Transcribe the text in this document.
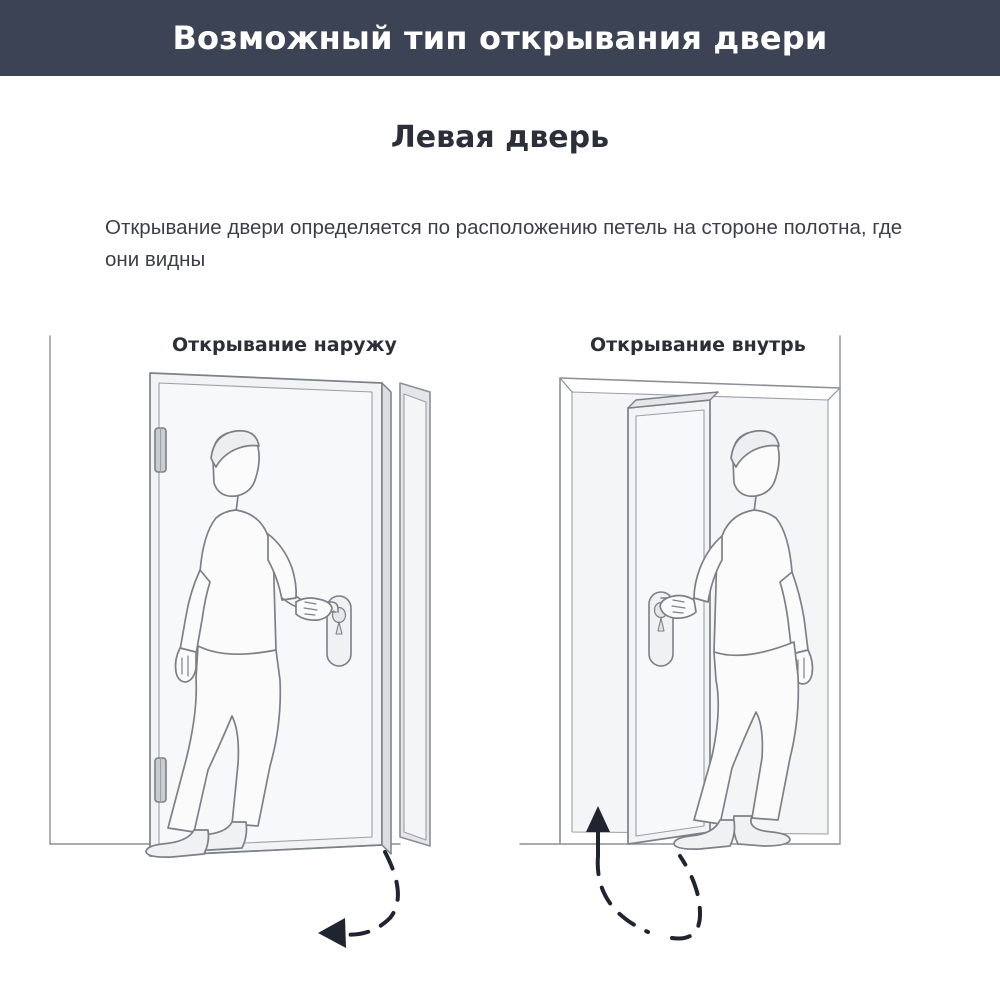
Возможный тип открывания двери
Левая дверь
Открывание двери определяется по расположению петель на стороне полотна, где они видны
Открывание наружу	Открывание внутрь
